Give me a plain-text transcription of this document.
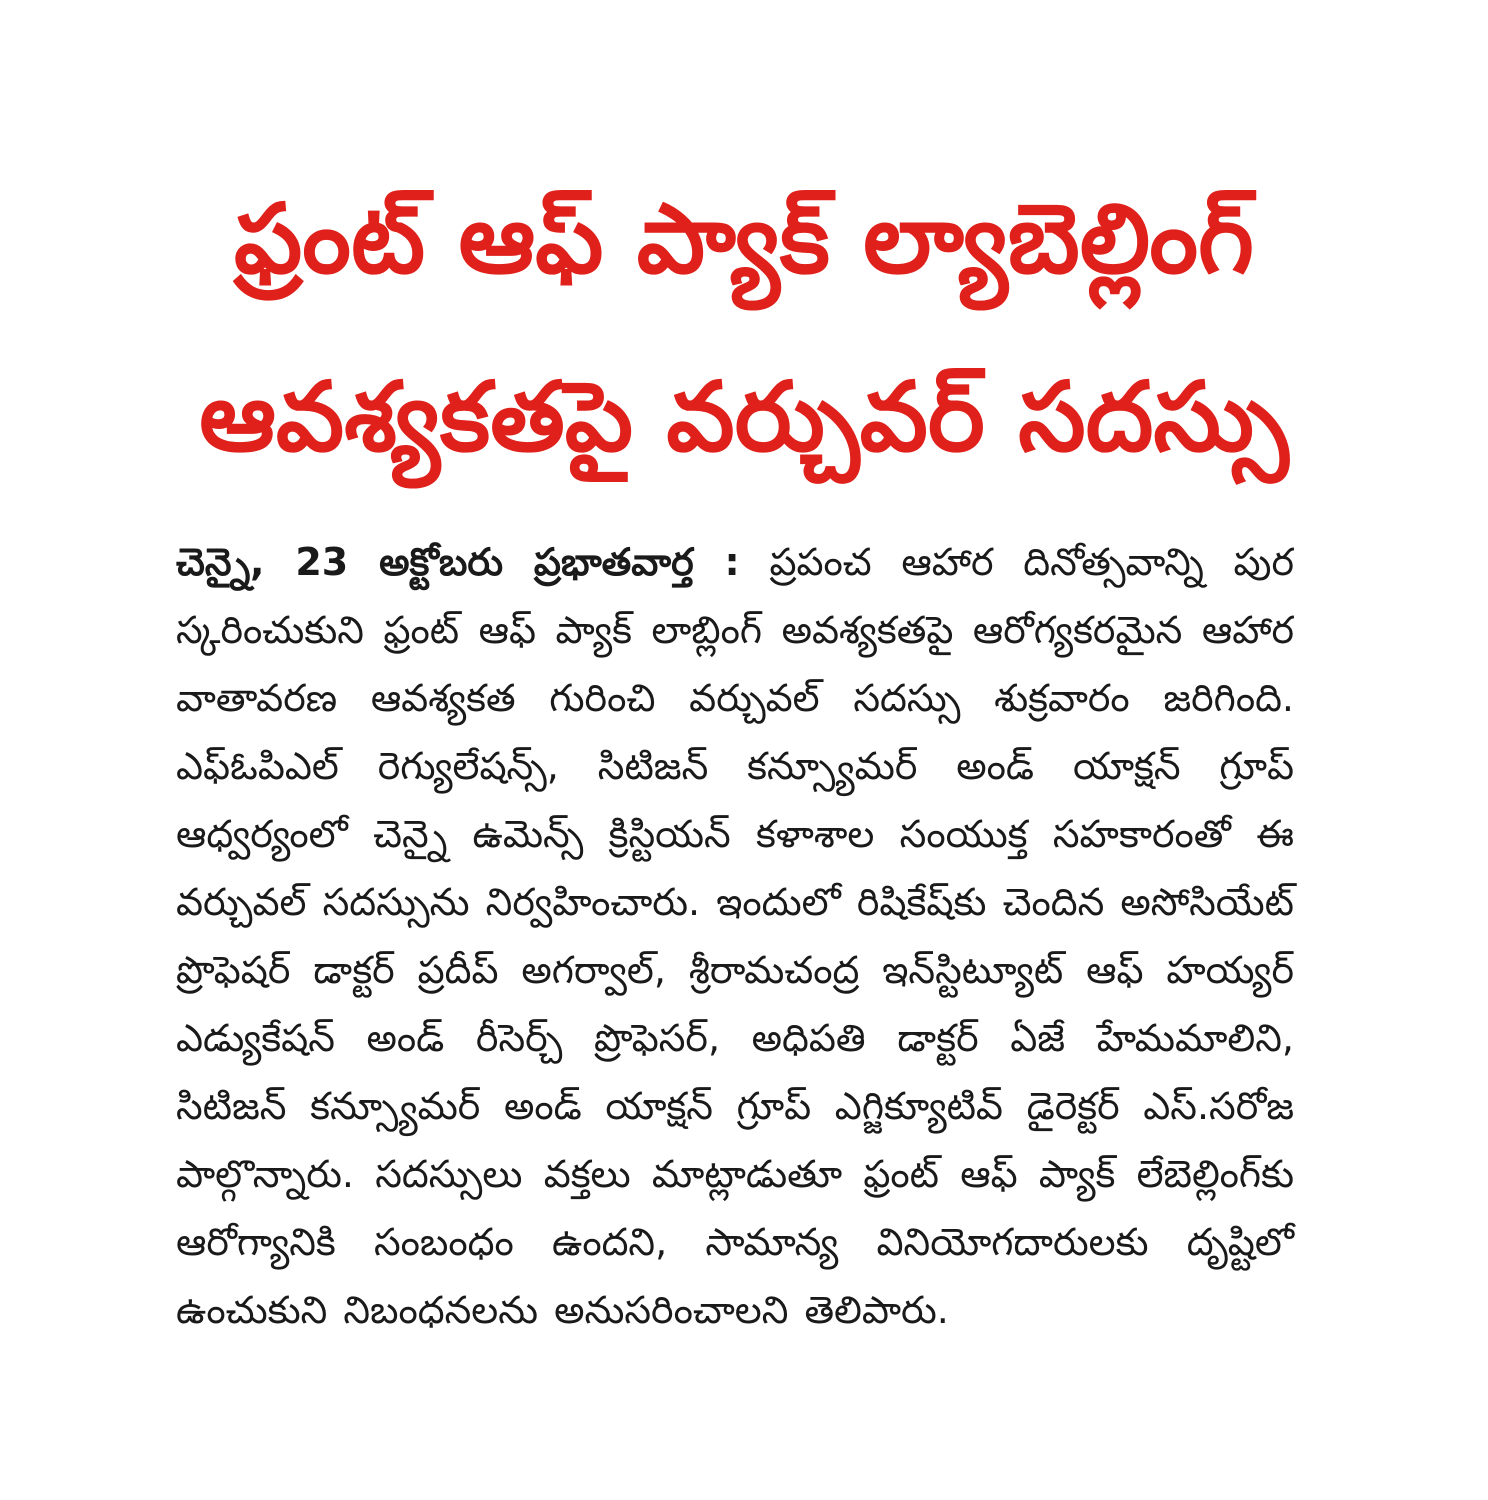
ఫ్రంట్ ఆఫ్ ప్యాక్ ల్యాబెల్లింగ్
ఆవశ్యకతపై వర్చువర్ సదస్సు

చెన్నై, 23 అక్టోబరు ప్రభాతవార్త : ప్రపంచ ఆహార దినోత్సవాన్ని పుర స్కరించుకుని ఫ్రంట్ ఆఫ్ ప్యాక్ లాబ్లింగ్ అవశ్యకతపై ఆరోగ్యకరమైన ఆహార వాతావరణ ఆవశ్యకత గురించి వర్చువల్ సదస్సు శుక్రవారం జరిగింది. ఎఫ్ఓపిఎల్ రెగ్యులేషన్స్, సిటిజన్ కన్స్యూమర్ అండ్ యాక్షన్ గ్రూప్ ఆధ్వర్యంలో చెన్నై ఉమెన్స్ క్రిస్టియన్ కళాశాల సంయుక్త సహకారంతో ఈ వర్చువల్ సదస్సును నిర్వహించారు. ఇందులో రిషికేష్‌కు చెందిన అసోసియేట్ ప్రొఫెషర్ డాక్టర్ ప్రదీప్ అగర్వాల్, శ్రీరామచంద్ర ఇన్‌స్టిట్యూట్ ఆఫ్ హయ్యర్ ఎడ్యుకేషన్ అండ్ రీసెర్చ్ ప్రొఫెసర్, అధిపతి డాక్టర్ ఏజే హేమమాలిని, సిటిజన్ కన్స్యూమర్ అండ్ యాక్షన్ గ్రూప్ ఎగ్జిక్యూటివ్ డైరెక్టర్ ఎస్.సరోజ పాల్గొన్నారు. సదస్సులు వక్తలు మాట్లాడుతూ ఫ్రంట్ ఆఫ్ ప్యాక్ లేబెల్లింగ్‌కు ఆరోగ్యానికి సంబంధం ఉందని, సామాన్య వినియోగదారులకు దృష్టిలో ఉంచుకుని నిబంధనలను అనుసరించాలని తెలిపారు.
